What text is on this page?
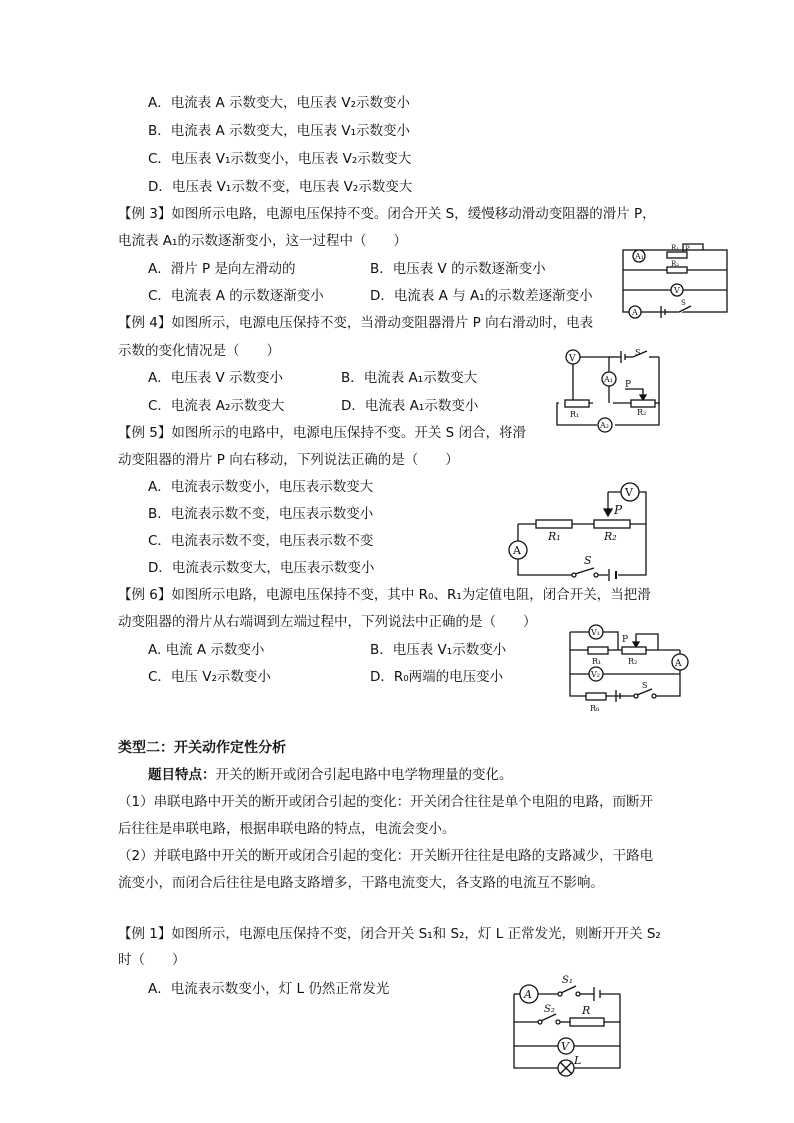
A．电流表 A 示数变大，电压表 V₂示数变小
B．电流表 A 示数变大，电压表 V₁示数变小
C．电压表 V₁示数变小，电压表 V₂示数变大
D．电压表 V₁示数不变，电压表 V₂示数变大
【例 3】如图所示电路，电源电压保持不变。闭合开关 S，缓慢移动滑动变阻器的滑片 P，
电流表 A₁的示数逐渐变小，这一过程中（　　）
A．滑片 P 是向左滑动的	B．电压表 V 的示数逐渐变小
C．电流表 A 的示数逐渐变小	D．电流表 A 与 A₁的示数差逐渐变小
A₁
R₁ P
R₂
V
A
S
【例 4】如图所示，电源电压保持不变，当滑动变阻器滑片 P 向右滑动时，电表
示数的变化情况是（　　）
A．电压表 V 示数变小	B．电流表 A₁示数变大
C．电流表 A₂示数变大	D．电流表 A₁示数变小
V
S
A₁
P
R₁	R₂
A₂
【例 5】如图所示的电路中，电源电压保持不变。开关 S 闭合，将滑
动变阻器的滑片 P 向右移动，下列说法正确的是（　　）
A．电流表示数变小，电压表示数变大
B．电流表示数不变，电压表示数变小
C．电流表示数不变，电压表示数不变
D．电流表示数变大，电压表示数变小
V
P
R₁	R₂
A
S
【例 6】如图所示电路，电源电压保持不变，其中 R₀、R₁为定值电阻，闭合开关，当把滑
动变阻器的滑片从右端调到左端过程中，下列说法中正确的是（　　）
A. 电流 A 示数变小	B．电压表 V₁示数变小
C．电压 V₂示数变小	D．R₀两端的电压变小
V₁
P
R₁	R₂	A
V₂
R₀
S
类型二：开关动作定性分析
题目特点：开关的断开或闭合引起电路中电学物理量的变化。
（1）串联电路中开关的断开或闭合引起的变化：开关闭合往往是单个电阻的电路，而断开
后往往是串联电路，根据串联电路的特点，电流会变小。
（2）并联电路中开关的断开或闭合引起的变化：开关断开往往是电路的支路减少，干路电
流变小，而闭合后往往是电路支路增多，干路电流变大，各支路的电流互不影响。
【例 1】如图所示，电源电压保持不变，闭合开关 S₁和 S₂，灯 L 正常发光，则断开开关 S₂
时（　　）
A．电流表示数变小，灯 L 仍然正常发光	A
S₁
S₂ R
V
L
